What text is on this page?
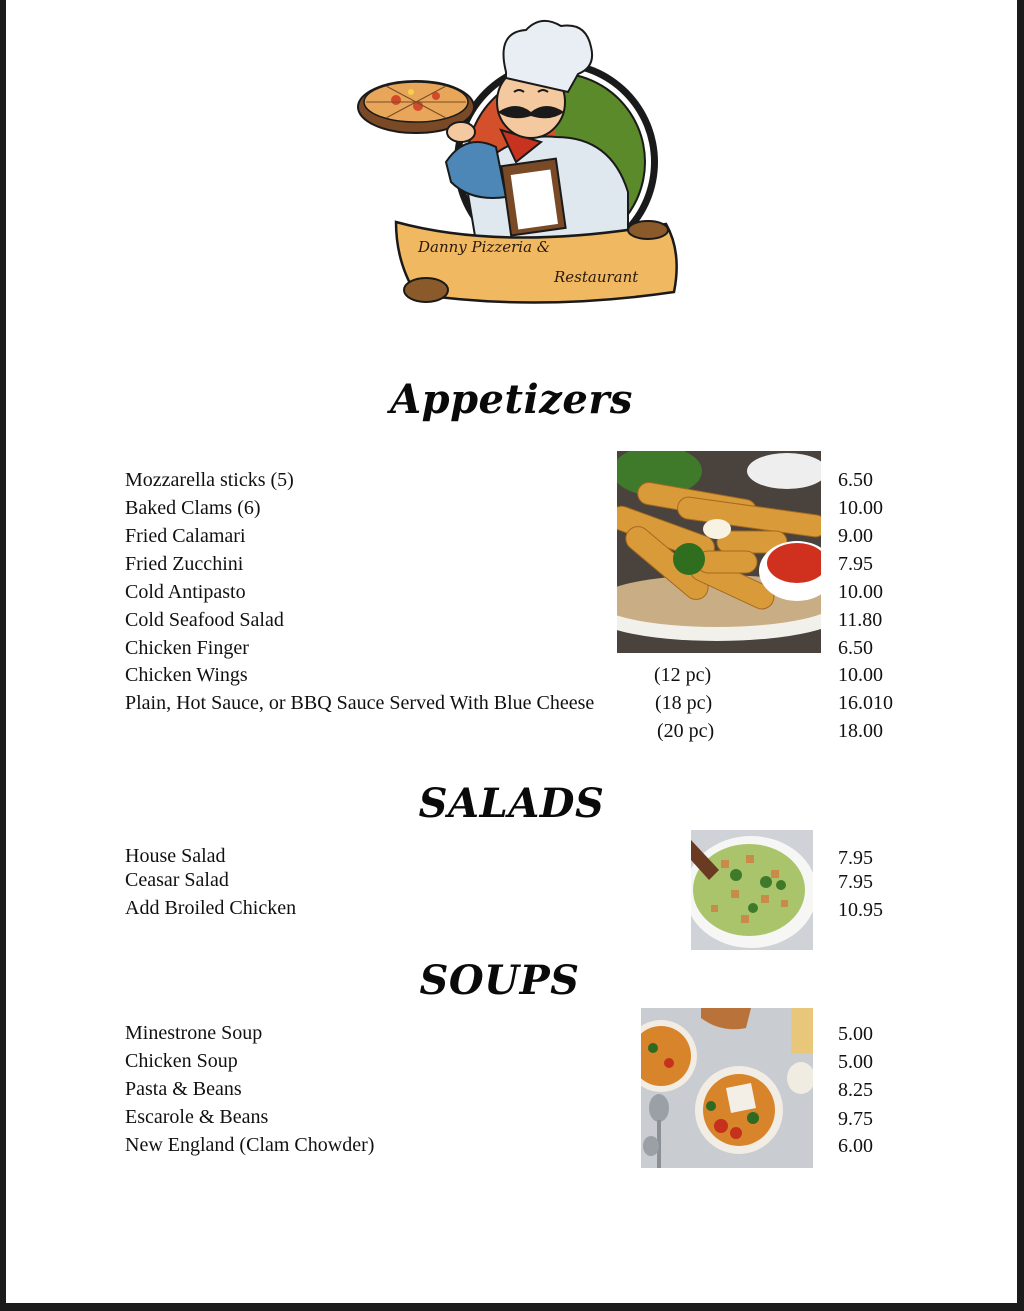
Danny Pizzeria &
Restaurant
Appetizers
Mozzarella sticks (5)	6.50
Baked Clams (6)	10.00
Fried Calamari	9.00
Fried Zucchini	7.95
Cold Antipasto	10.00
Cold Seafood Salad	11.80
Chicken Finger	6.50
Chicken Wings	(12 pc)	10.00
Plain, Hot Sauce, or BBQ Sauce Served With Blue Cheese	(18 pc)	16.010
(20 pc)	18.00
SALADS
House Salad	7.95
Ceasar Salad	7.95
Add Broiled Chicken	10.95
SOUPS
Minestrone Soup	5.00
Chicken Soup	5.00
Pasta & Beans	8.25
Escarole & Beans	9.75
New England (Clam Chowder)	6.00
